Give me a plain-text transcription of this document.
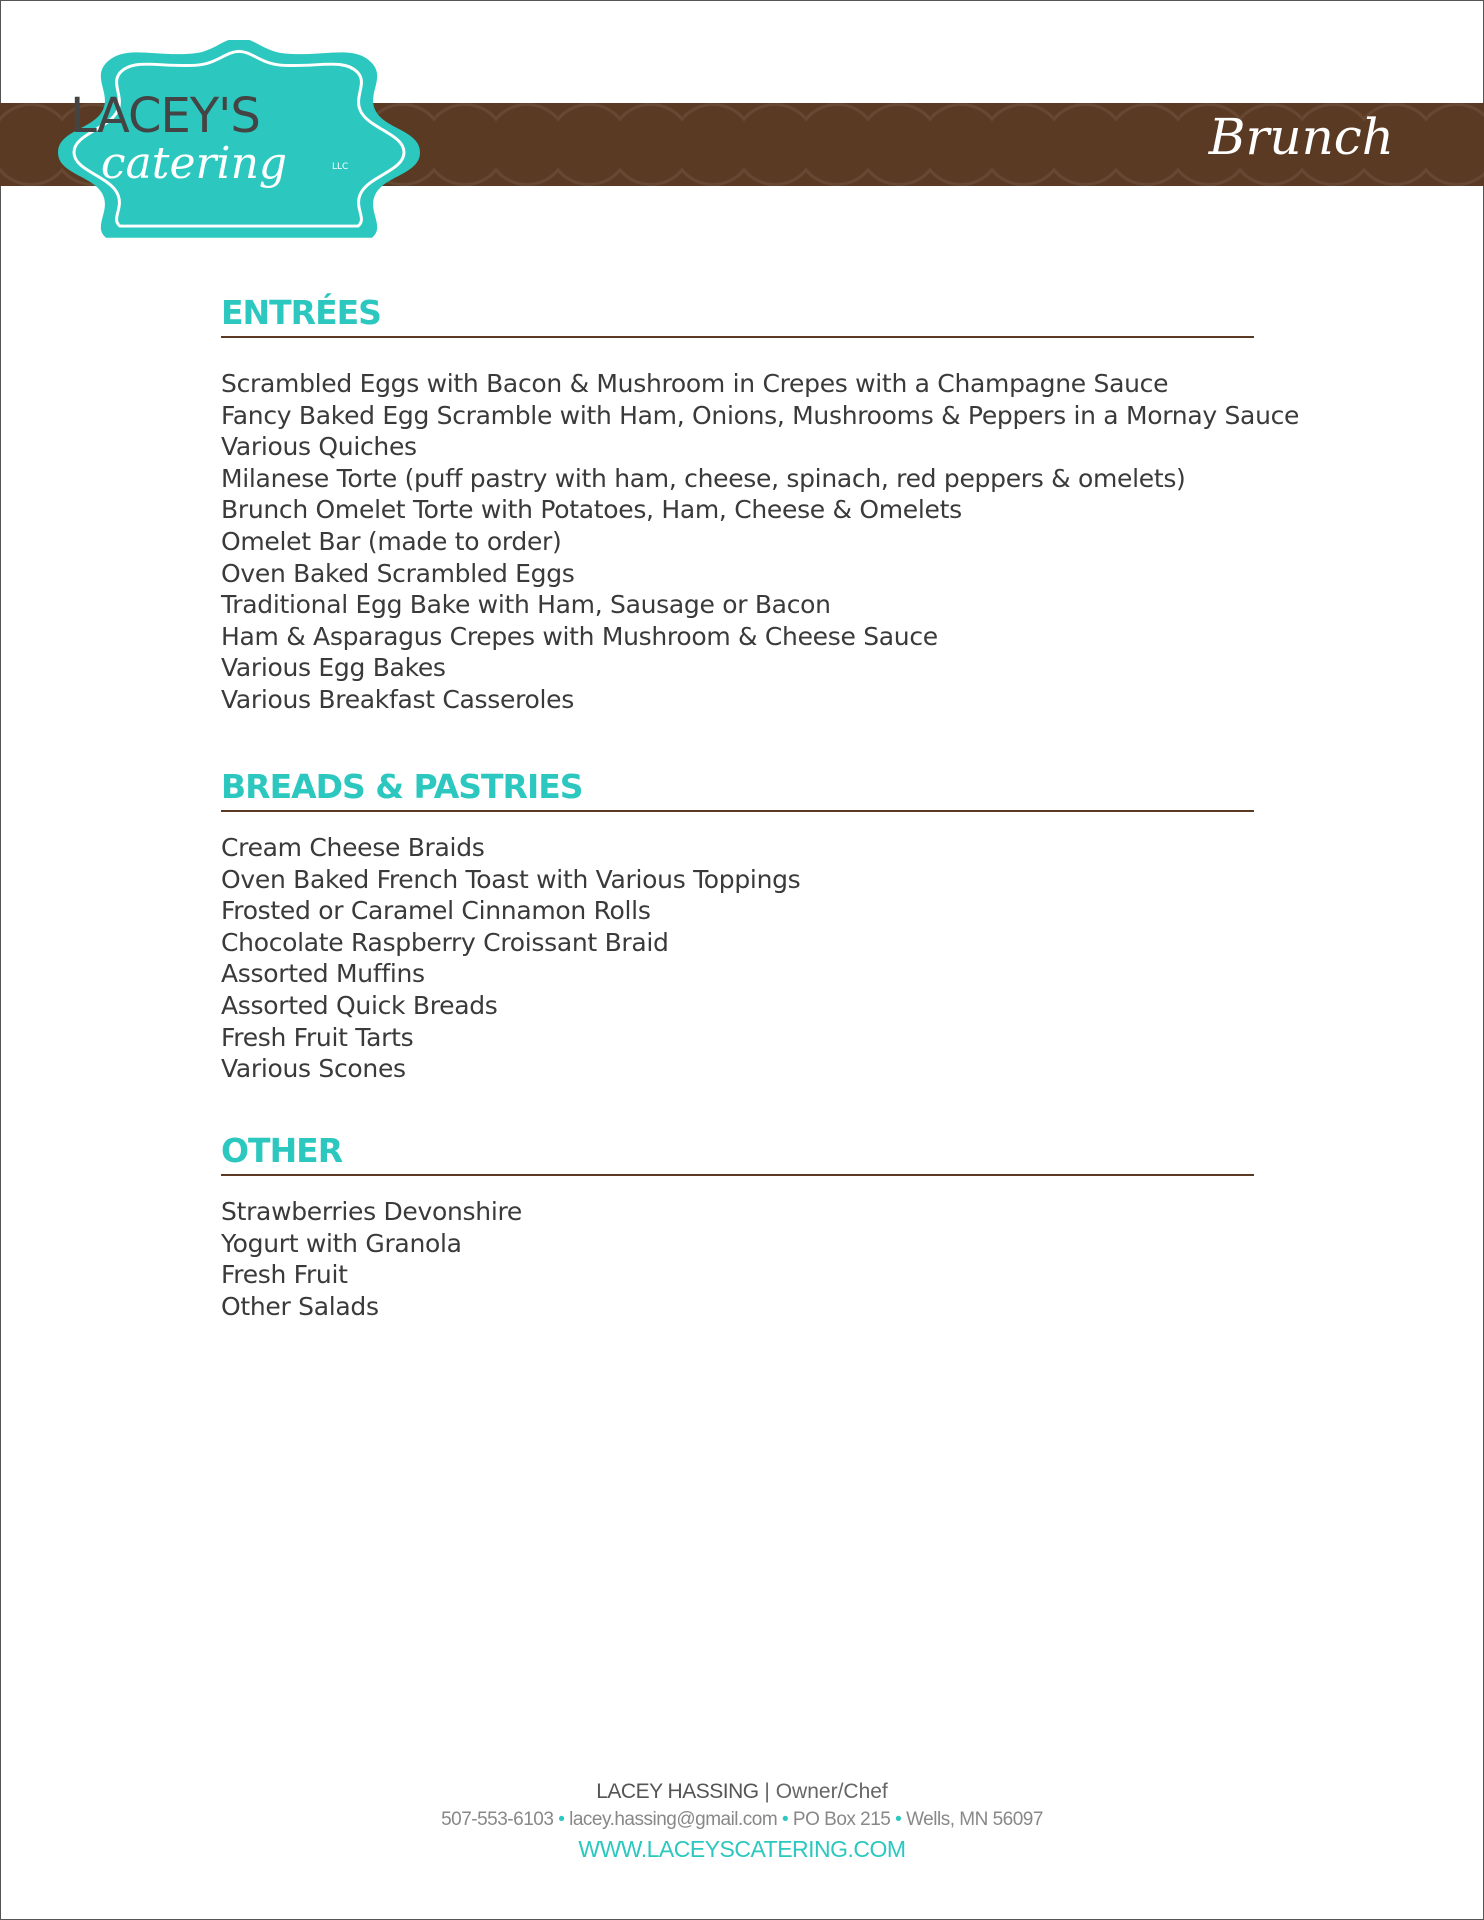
Brunch
LACEY'S
catering	LLC
ENTRÉES
Scrambled Eggs with Bacon & Mushroom in Crepes with a Champagne Sauce
Fancy Baked Egg Scramble with Ham, Onions, Mushrooms & Peppers in a Mornay Sauce
Various Quiches
Milanese Torte (puff pastry with ham, cheese, spinach, red peppers & omelets)
Brunch Omelet Torte with Potatoes, Ham, Cheese & Omelets
Omelet Bar (made to order)
Oven Baked Scrambled Eggs
Traditional Egg Bake with Ham, Sausage or Bacon
Ham & Asparagus Crepes with Mushroom & Cheese Sauce
Various Egg Bakes
Various Breakfast Casseroles
BREADS & PASTRIES
Cream Cheese Braids
Oven Baked French Toast with Various Toppings
Frosted or Caramel Cinnamon Rolls
Chocolate Raspberry Croissant Braid
Assorted Muffins
Assorted Quick Breads
Fresh Fruit Tarts
Various Scones
OTHER
Strawberries Devonshire
Yogurt with Granola
Fresh Fruit
Other Salads
LACEY HASSING | Owner/Chef
507-553-6103 • lacey.hassing@gmail.com • PO Box 215 • Wells, MN 56097
WWW.LACEYSCATERING.COM
